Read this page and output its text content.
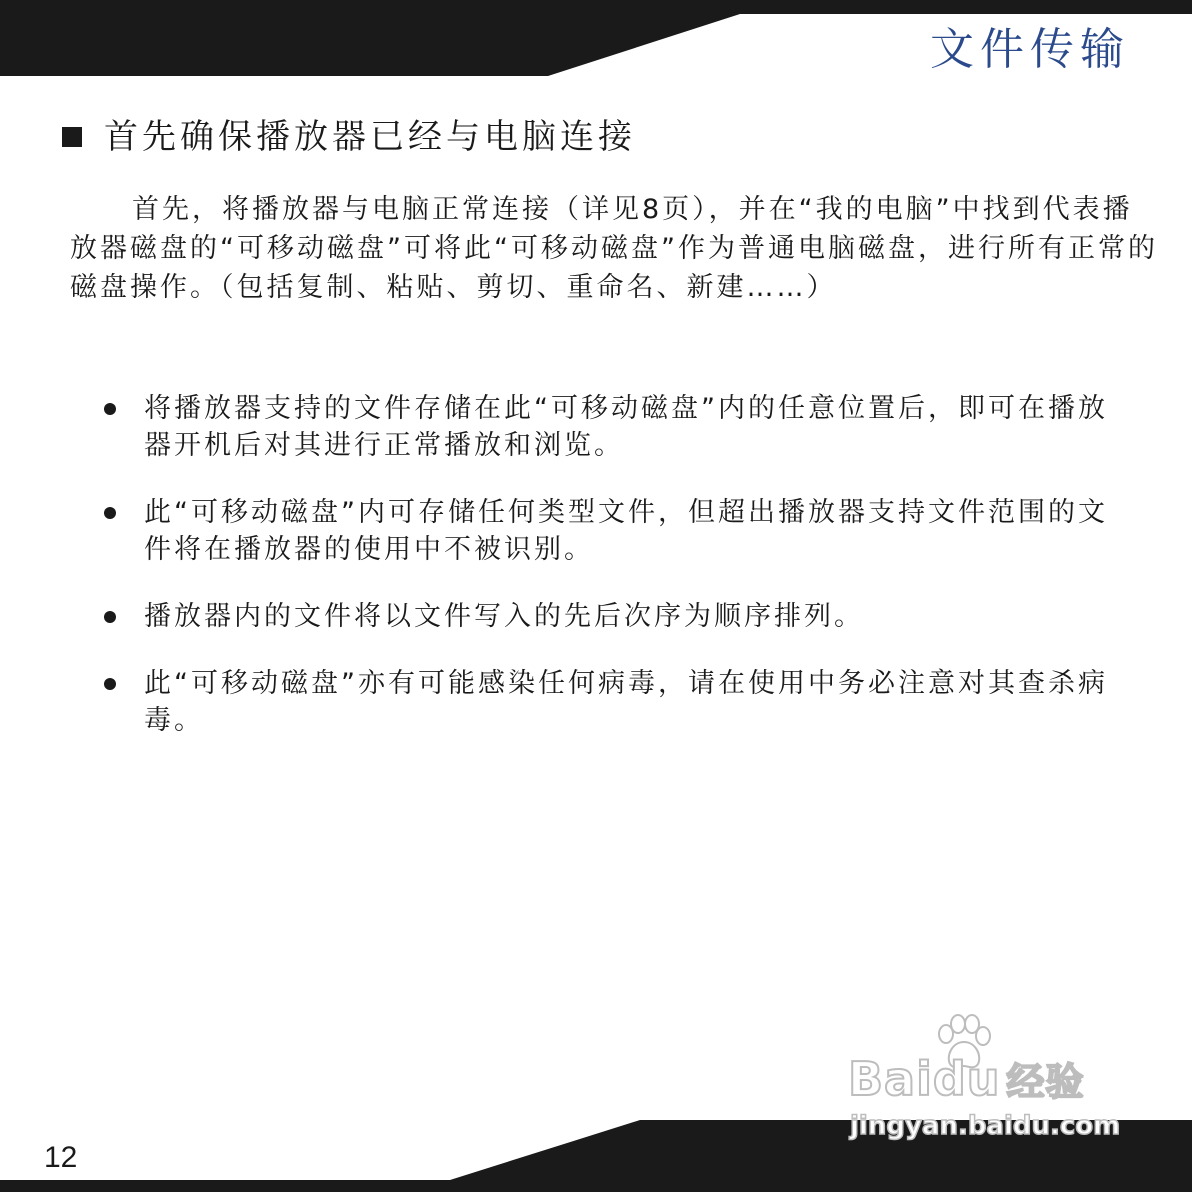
文件传输
首先确保播放器已经与电脑连接

首先，将播放器与电脑正常连接（详见8页），并在“我的电脑”中找到代表播放器磁盘的“可移动磁盘”可将此“可移动磁盘”作为普通电脑磁盘，进行所有正常的磁盘操作。（包括复制、粘贴、剪切、重命名、新建……）

将播放器支持的文件存储在此“可移动磁盘”内的任意位置后，即可在播放器开机后对其进行正常播放和浏览。
此“可移动磁盘”内可存储任何类型文件，但超出播放器支持文件范围的文件将在播放器的使用中不被识别。
播放器内的文件将以文件写入的先后次序为顺序排列。
此“可移动磁盘”亦有可能感染任何病毒，请在使用中务必注意对其查杀病毒。
12
Baidu 经验
jingyan.baidu.com
